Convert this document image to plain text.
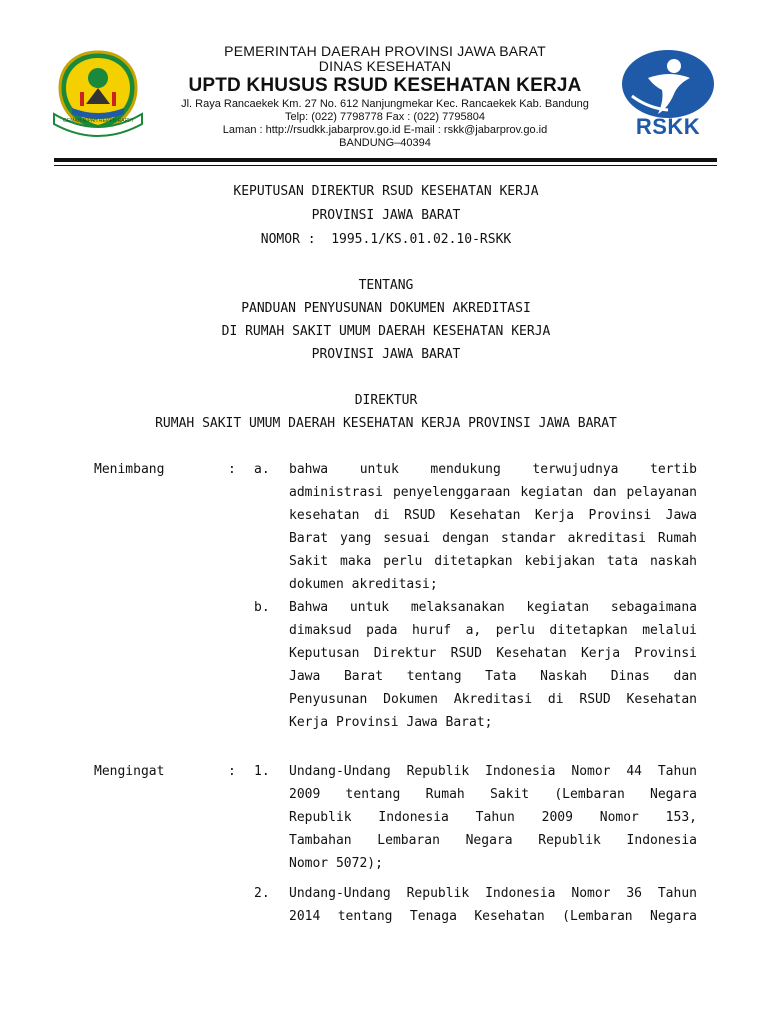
GEMAH RIPAH REPEH RAPIH
PEMERINTAH DAERAH PROVINSI JAWA BARAT
DINAS KESEHATAN
UPTD KHUSUS RSUD KESEHATAN KERJA
Jl. Raya Rancaekek Km. 27 No. 612 Nanjungmekar Kec. Rancaekek Kab. Bandung
Telp: (022) 7798778 Fax : (022) 7795804
Laman : http://rsudkk.jabarprov.go.id E-mail : rskk@jabarprov.go.id
BANDUNG–40394
RSKK
KEPUTUSAN DIREKTUR RSUD KESEHATAN KERJA
PROVINSI JAWA BARAT
NOMOR :  1995.1/KS.01.02.10-RSKK
TENTANG
PANDUAN PENYUSUNAN DOKUMEN AKREDITASI
DI RUMAH SAKIT UMUM DAERAH KESEHATAN KERJA
PROVINSI JAWA BARAT
DIREKTUR
RUMAH SAKIT UMUM DAERAH KESEHATAN KERJA PROVINSI JAWA BARAT
Menimbang	: a. bahwa untuk mendukung terwujudnya tertib
administrasi penyelenggaraan kegiatan dan pelayanan
kesehatan di RSUD Kesehatan Kerja Provinsi Jawa
Barat yang sesuai dengan standar akreditasi Rumah
Sakit maka perlu ditetapkan kebijakan tata naskah
dokumen akreditasi;
b. Bahwa untuk melaksanakan kegiatan sebagaimana
dimaksud pada huruf a, perlu ditetapkan melalui
Keputusan Direktur RSUD Kesehatan Kerja Provinsi
Jawa Barat tentang Tata Naskah Dinas dan
Penyusunan Dokumen Akreditasi di RSUD Kesehatan
Kerja Provinsi Jawa Barat;
Mengingat	: 1. Undang-Undang Republik Indonesia Nomor 44 Tahun
2009 tentang Rumah Sakit (Lembaran Negara
Republik Indonesia Tahun 2009 Nomor 153,
Tambahan Lembaran Negara Republik Indonesia
Nomor 5072);
2. Undang-Undang Republik Indonesia Nomor 36 Tahun
2014 tentang Tenaga Kesehatan (Lembaran Negara
